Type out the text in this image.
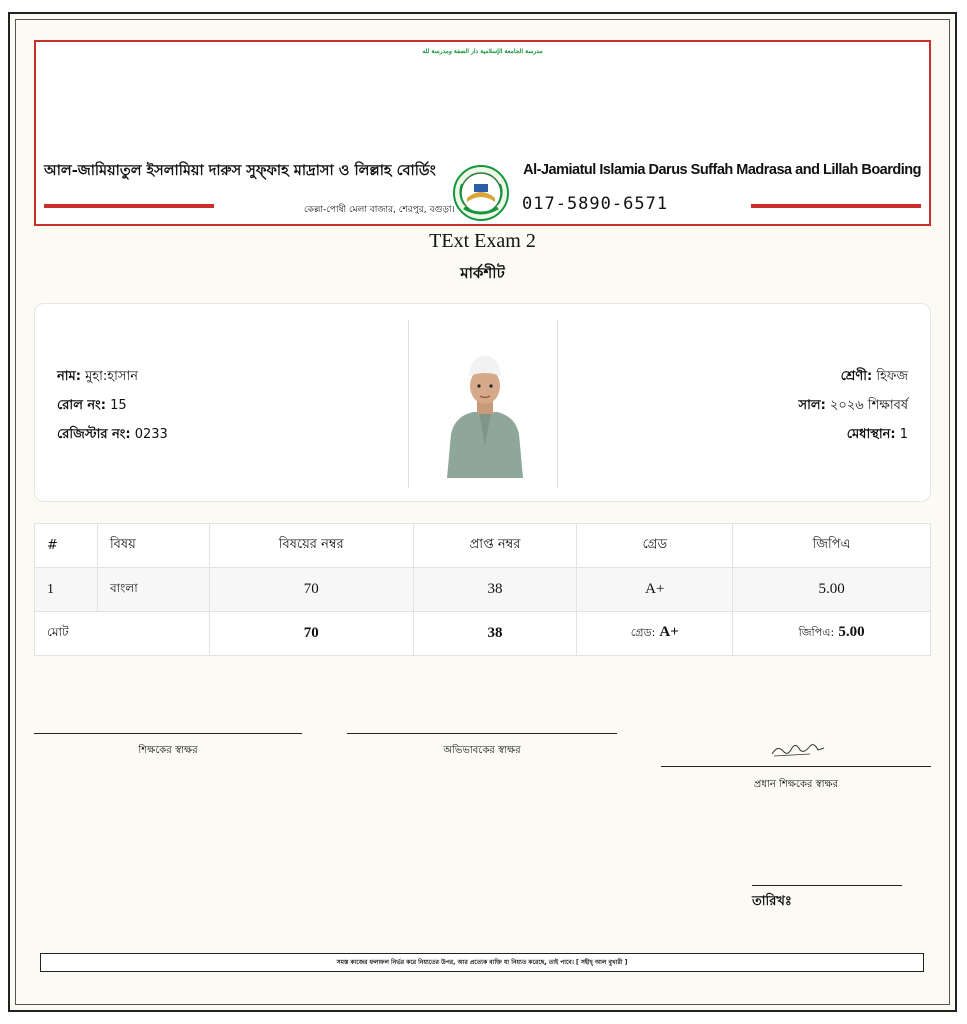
مدرسة الجامعة الإسلامية دار الصفة ومدرسة لله
আল-জামিয়াতুল ইসলামিয়া দারুস সুফ্ফাহ মাদ্রাসা ও লিল্লাহ বোর্ডিং	Al-Jamiatul Islamia Darus Suffah Madrasa and Lillah Boarding
কেল্লা-পোষী মেলা বাজার, শেরপুর, বগুড়া।	017-5890-6571
TExt Exam 2
মার্কশীট
নাম: মুহা:হাসান
রোল নং: 15
রেজিস্টার নং: 0233
শ্রেণী: হিফজ
সাল: ২০২৬ শিক্ষাবর্ষ
মেধাস্থান: 1
#	বিষয়	বিষয়ের নম্বর	প্রাপ্ত নম্বর	গ্রেড	জিপিএ
1	বাংলা	70	38	A+	5.00
মোট		70	38	গ্রেড: A+	জিপিএ: 5.00
শিক্ষকের স্বাক্ষর	অভিভাবকের স্বাক্ষর
প্রধান শিক্ষকের স্বাক্ষর
তারিখঃ
সমস্ত কাজের ফলাফল নির্ভর করে নিয়্যতের উপর, আর প্রত্যেক ব্যক্তি যা নিয়্যত করেছে, তাই পাবে। [ সহীহ্ আল বুখারী ]
